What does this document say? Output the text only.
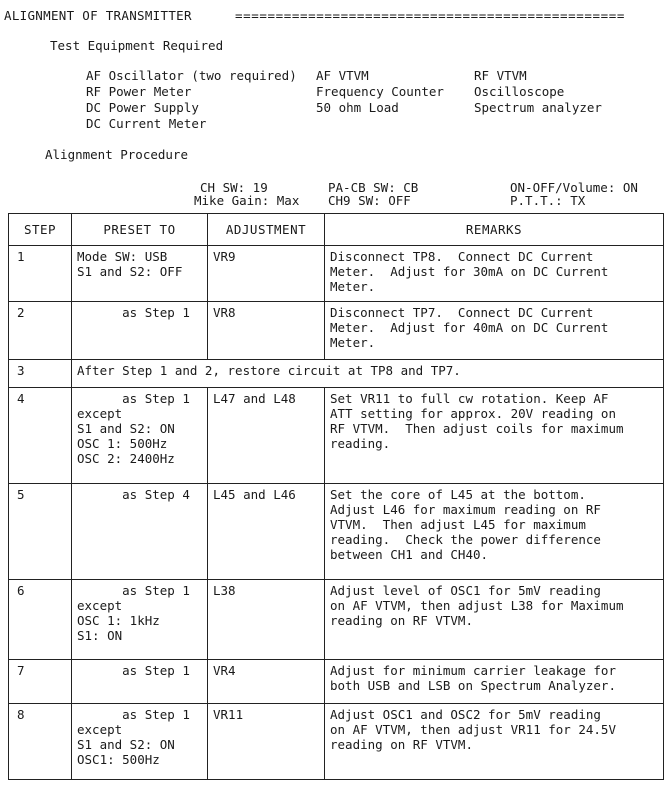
ALIGNMENT OF TRANSMITTER	================================================
Test Equipment Required
AF Oscillator (two required)
RF Power Meter
DC Power Supply
DC Current Meter
AF VTVM
Frequency Counter
50 ohm Load
RF VTVM
Oscilloscope
Spectrum analyzer
Alignment Procedure
CH SW: 19
Mike Gain: Max
PA-CB SW: CB
CH9 SW: OFF
ON-OFF/Volume: ON
P.T.T.: TX
STEP	PRESET TO	ADJUSTMENT	REMARKS
1	Mode SW: USB
S1 and S2: OFF	VR9	Disconnect TP8.  Connect DC Current
Meter.  Adjust for 30mA on DC Current
Meter.
2	as Step 1	VR8	Disconnect TP7.  Connect DC Current
Meter.  Adjust for 40mA on DC Current
Meter.
3	After Step 1 and 2, restore circuit at TP8 and TP7.		
4	as Step 1
except
S1 and S2: ON
OSC 1: 500Hz
OSC 2: 2400Hz	L47 and L48	Set VR11 to full cw rotation. Keep AF
ATT setting for approx. 20V reading on
RF VTVM.  Then adjust coils for maximum
reading.
5	as Step 4	L45 and L46	Set the core of L45 at the bottom.
Adjust L46 for maximum reading on RF
VTVM.  Then adjust L45 for maximum
reading.  Check the power difference
between CH1 and CH40.
6	as Step 1
except
OSC 1: 1kHz
S1: ON	L38	Adjust level of OSC1 for 5mV reading
on AF VTVM, then adjust L38 for Maximum
reading on RF VTVM.
7	as Step 1	VR4	Adjust for minimum carrier leakage for
both USB and LSB on Spectrum Analyzer.
8	as Step 1
except
S1 and S2: ON
OSC1: 500Hz	VR11	Adjust OSC1 and OSC2 for 5mV reading
on AF VTVM, then adjust VR11 for 24.5V
reading on RF VTVM.
